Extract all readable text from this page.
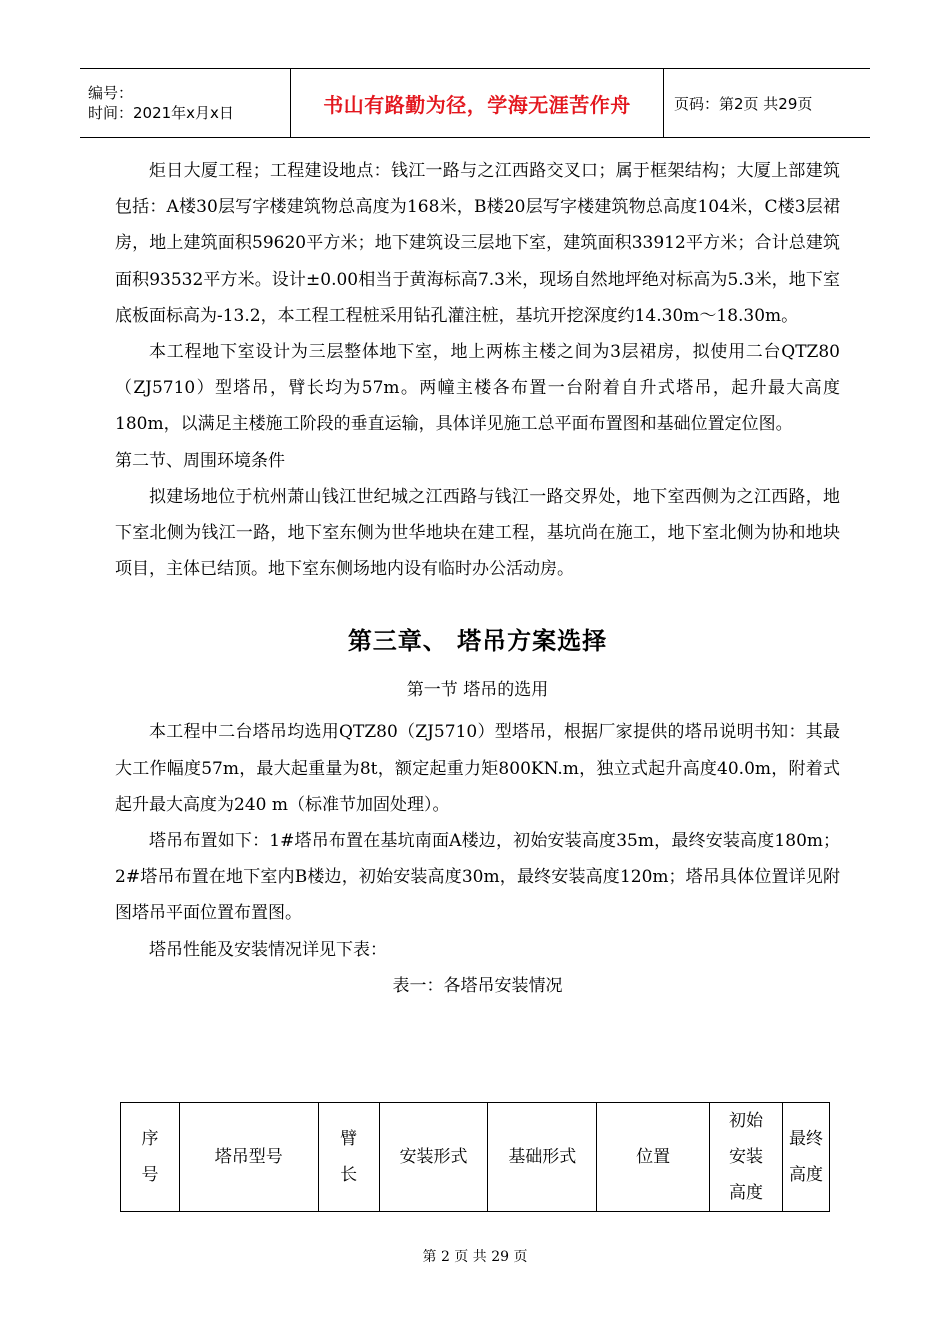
编号：
时间：2021年x月x日	书山有路勤为径，学海无涯苦作舟	页码：第2页 共29页

炬日大厦工程；工程建设地点：钱江一路与之江西路交叉口；属于框架结构；大厦上部建筑包括：A楼30层写字楼建筑物总高度为168米，B楼20层写字楼建筑物总高度104米，C楼3层裙房，地上建筑面积59620平方米；地下建筑设三层地下室，建筑面积33912平方米；合计总建筑面积93532平方米。设计±0.00相当于黄海标高7.3米，现场自然地坪绝对标高为5.3米，地下室底板面标高为-13.2，本工程工程桩采用钻孔灌注桩，基坑开挖深度约14.30m～18.30m。

本工程地下室设计为三层整体地下室，地上两栋主楼之间为3层裙房，拟使用二台QTZ80（ZJ5710）型塔吊，臂长均为57m。两幢主楼各布置一台附着自升式塔吊，起升最大高度180m，以满足主楼施工阶段的垂直运输，具体详见施工总平面布置图和基础位置定位图。

第二节、周围环境条件

拟建场地位于杭州萧山钱江世纪城之江西路与钱江一路交界处，地下室西侧为之江西路，地下室北侧为钱江一路，地下室东侧为世华地块在建工程，基坑尚在施工，地下室北侧为协和地块项目，主体已结顶。地下室东侧场地内设有临时办公活动房。

第三章、 塔吊方案选择
第一节 塔吊的选用

本工程中二台塔吊均选用QTZ80（ZJ5710）型塔吊，根据厂家提供的塔吊说明书知：其最大工作幅度57m，最大起重量为8t，额定起重力矩800KN.m，独立式起升高度40.0m，附着式起升最大高度为240 m（标准节加固处理）。

塔吊布置如下：1#塔吊布置在基坑南面A楼边，初始安装高度35m，最终安装高度180m；2#塔吊布置在地下室内B楼边，初始安装高度30m，最终安装高度120m；塔吊具体位置详见附图塔吊平面位置布置图。

塔吊性能及安装情况详见下表：

表一：各塔吊安装情况
序号	塔吊型号	臂长	安装形式	基础形式	位置	初始安装高度	最终高度
第 2 页 共 29 页
